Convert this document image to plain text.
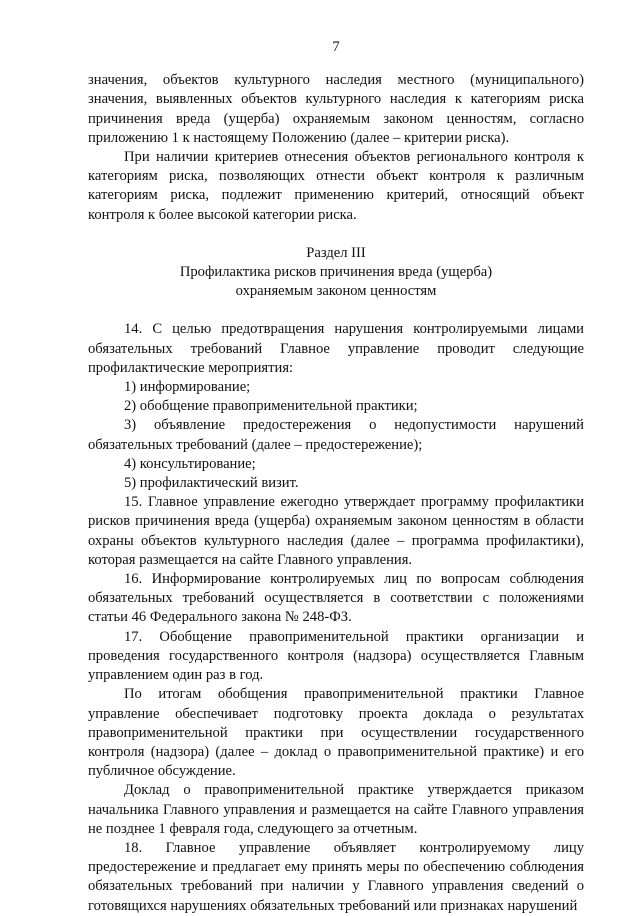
7

значения, объектов культурного наследия местного (муниципального) значения, выявленных объектов культурного наследия к категориям риска причинения вреда (ущерба) охраняемым законом ценностям, согласно приложению 1 к настоящему Положению (далее – критерии риска).

При наличии критериев отнесения объектов регионального контроля к категориям риска, позволяющих отнести объект контроля к различным категориям риска, подлежит применению критерий, относящий объект контроля к более высокой категории риска.

Раздел III
Профилактика рисков причинения вреда (ущерба)
охраняемым законом ценностям

14. С целью предотвращения нарушения контролируемыми лицами обязательных требований Главное управление проводит следующие профилактические мероприятия:

1) информирование;

2) обобщение правоприменительной практики;

3) объявление предостережения о недопустимости нарушений обязательных требований (далее – предостережение);

4) консультирование;

5) профилактический визит.

15. Главное управление ежегодно утверждает программу профилактики рисков причинения вреда (ущерба) охраняемым законом ценностям в области охраны объектов культурного наследия (далее – программа профилактики), которая размещается на сайте Главного управления.

16. Информирование контролируемых лиц по вопросам соблюдения обязательных требований осуществляется в соответствии с положениями статьи 46 Федерального закона № 248-ФЗ.

17. Обобщение правоприменительной практики организации и проведения государственного контроля (надзора) осуществляется Главным управлением один раз в год.

По итогам обобщения правоприменительной практики Главное управление обеспечивает подготовку проекта доклада о результатах правоприменительной практики при осуществлении государственного контроля (надзора) (далее – доклад о правоприменительной практике) и его публичное обсуждение.

Доклад о правоприменительной практике утверждается приказом начальника Главного управления и размещается на сайте Главного управления не позднее 1 февраля года, следующего за отчетным.

18. Главное управление объявляет контролируемому лицу предостережение и предлагает ему принять меры по обеспечению соблюдения обязательных требований при наличии у Главного управления сведений о готовящихся нарушениях обязательных требований или признаках нарушений
